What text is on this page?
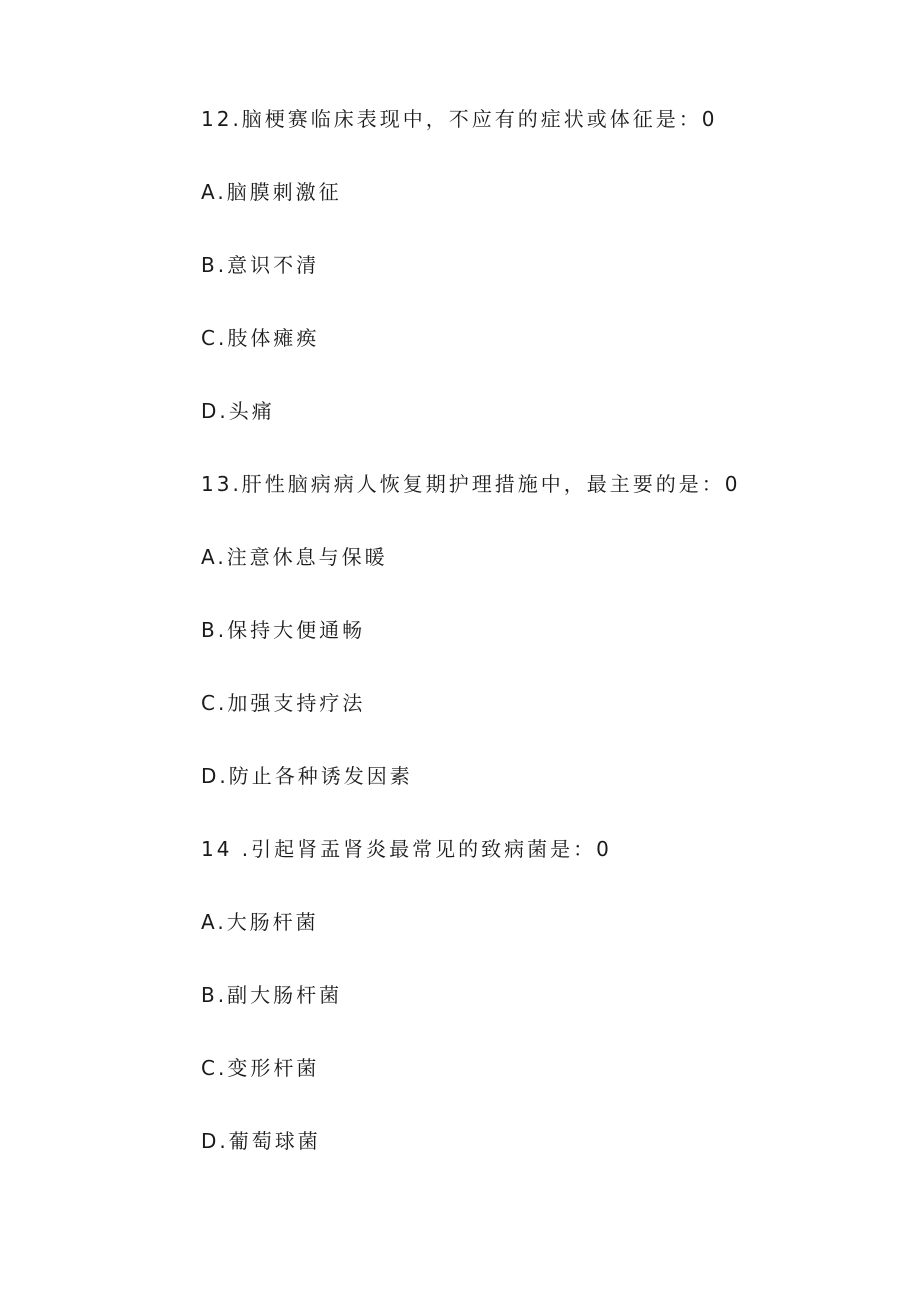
12.脑梗赛临床表现中，不应有的症状或体征是：0
A.脑膜刺激征
B.意识不清
C.肢体瘫痪
D.头痛
13.肝性脑病病人恢复期护理措施中，最主要的是：0
A.注意休息与保暖
B.保持大便通畅
C.加强支持疗法
D.防止各种诱发因素
14 .引起肾盂肾炎最常见的致病菌是：0
A.大肠杆菌
B.副大肠杆菌
C.变形杆菌
D.葡萄球菌
